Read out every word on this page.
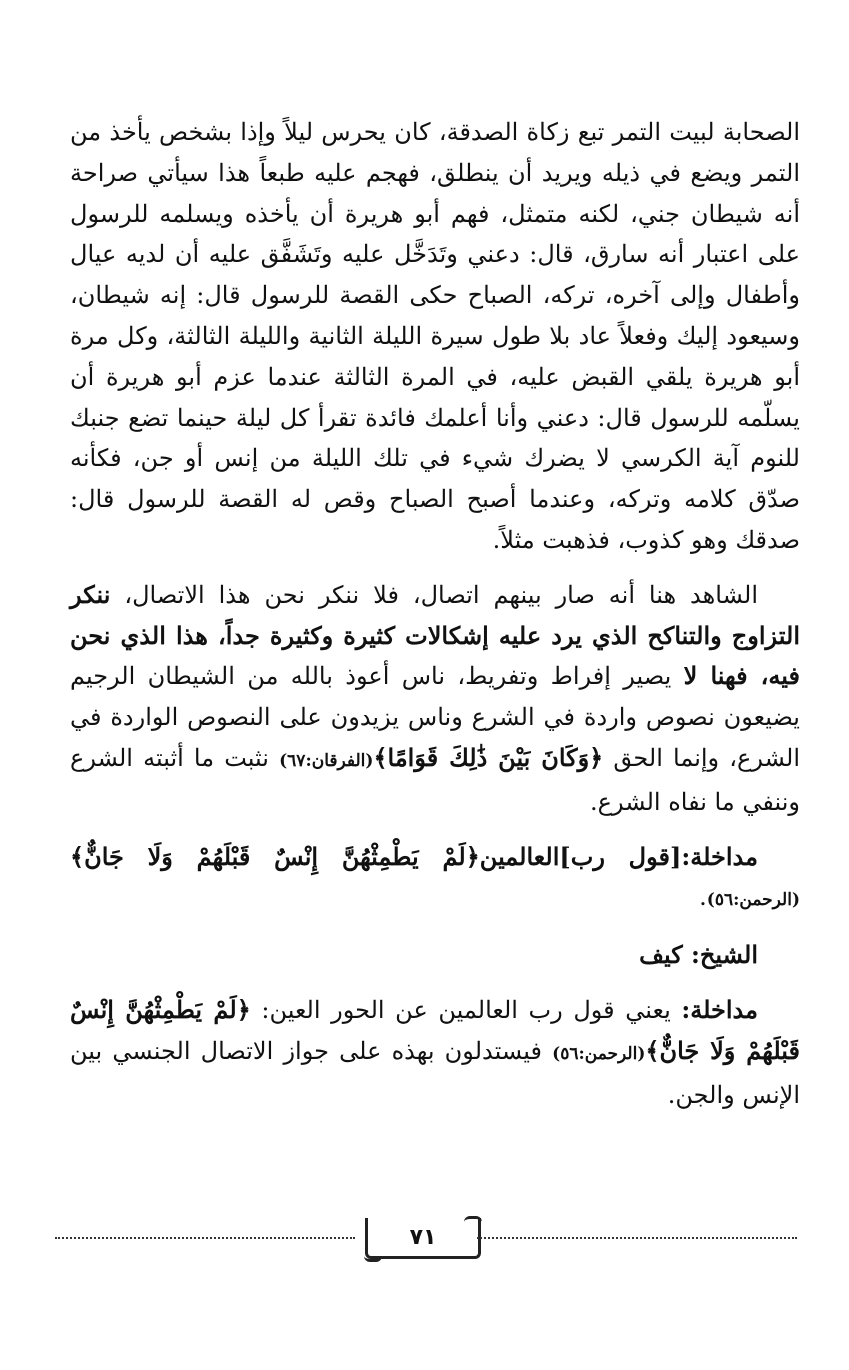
الصحابة لبيت التمر تبع زكاة الصدقة، كان يحرس ليلاً وإذا بشخص يأخذ من التمر ويضع في ذيله ويريد أن ينطلق، فهجم عليه طبعاً هذا سيأتي صراحة أنه شيطان جني، لكنه متمثل، فهم أبو هريرة أن يأخذه ويسلمه للرسول على اعتبار أنه سارق، قال: دعني وتَدَخَّل عليه وتَشَفَّق عليه أن لديه عيال وأطفال وإلى آخره، تركه، الصباح حكى القصة للرسول قال: إنه شيطان، وسيعود إليك وفعلاً عاد بلا طول سيرة الليلة الثانية والليلة الثالثة، وكل مرة أبو هريرة يلقي القبض عليه، في المرة الثالثة عندما عزم أبو هريرة أن يسلّمه للرسول قال: دعني وأنا أعلمك فائدة تقرأ كل ليلة حينما تضع جنبك للنوم آية الكرسي لا يضرك شيء في تلك الليلة من إنس أو جن، فكأنه صدّق كلامه وتركه، وعندما أصبح الصباح وقص له القصة للرسول قال: صدقك وهو كذوب، فذهبت مثلاً.

الشاهد هنا أنه صار بينهم اتصال، فلا ننكر نحن هذا الاتصال، ننكر التزاوج والتناكح الذي يرد عليه إشكالات كثيرة وكثيرة جداً، هذا الذي نحن فيه، فهنا لا يصير إفراط وتفريط، ناس أعوذ بالله من الشيطان الرجيم يضيعون نصوص واردة في الشرع وناس يزيدون على النصوص الواردة في الشرع، وإنما الحق ﴿وَكَانَ بَيْنَ ذَٰلِكَ قَوَامًا﴾(الفرقان:٦٧) نثبت ما أثبته الشرع وننفي ما نفاه الشرع.

مداخلة:[قول رب]العالمين﴿لَمْ يَطْمِثْهُنَّ إِنْسٌ قَبْلَهُمْ وَلَا جَانٌّ﴾(الرحمن:٥٦).

الشيخ: كيف

مداخلة: يعني قول رب العالمين عن الحور العين: ﴿لَمْ يَطْمِثْهُنَّ إِنْسٌ قَبْلَهُمْ وَلَا جَانٌّ﴾(الرحمن:٥٦) فيستدلون بهذه على جواز الاتصال الجنسي بين الإنس والجن.

٧١
